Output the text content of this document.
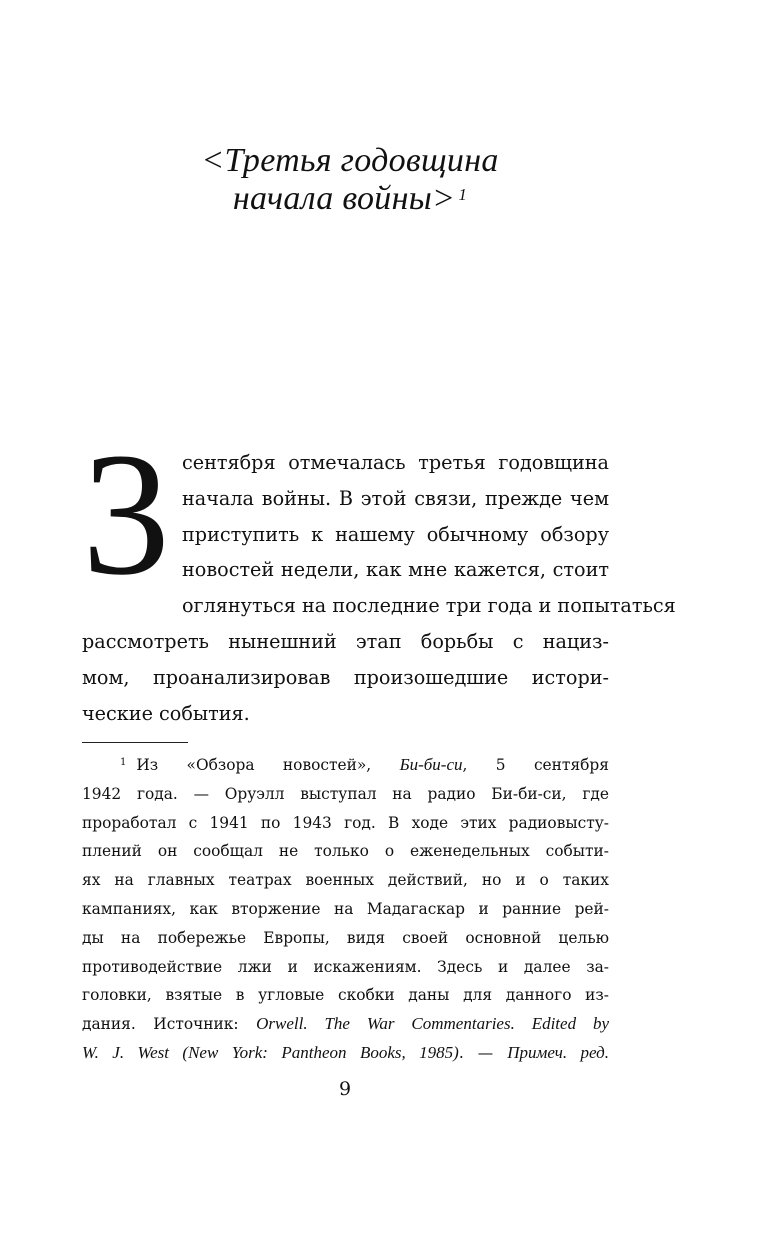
<Третья годовщина
начала войны> $^1$
3 сентября отмечалась третья годовщина
начала войны. В этой связи, прежде чем
приступить к нашему обычному обзору
новостей недели, как мне кажется, стоит
оглянуться на последние три года и попытаться
рассмотреть нынешний этап борьбы с нациз-
мом, проанализировав произошедшие истори-
ческие события.
$^1$ Из «Обзора новостей», Би-би-си, 5 сентября
1942 года. — Оруэлл выступал на радио Би-би-си, где
проработал с 1941 по 1943 год. В ходе этих радиовысту-
плений он сообщал не только о еженедельных событи-
ях на главных театрах военных действий, но и о таких
кампаниях, как вторжение на Мадагаскар и ранние рей-
ды на побережье Европы, видя своей основной целью
противодействие лжи и искажениям. Здесь и далее за-
головки, взятые в угловые скобки даны для данного из-
дания. Источник: Orwell. The War Commentaries. Edited by
W. J. West (New York: Pantheon Books, 1985). — Примеч. ред.
9
